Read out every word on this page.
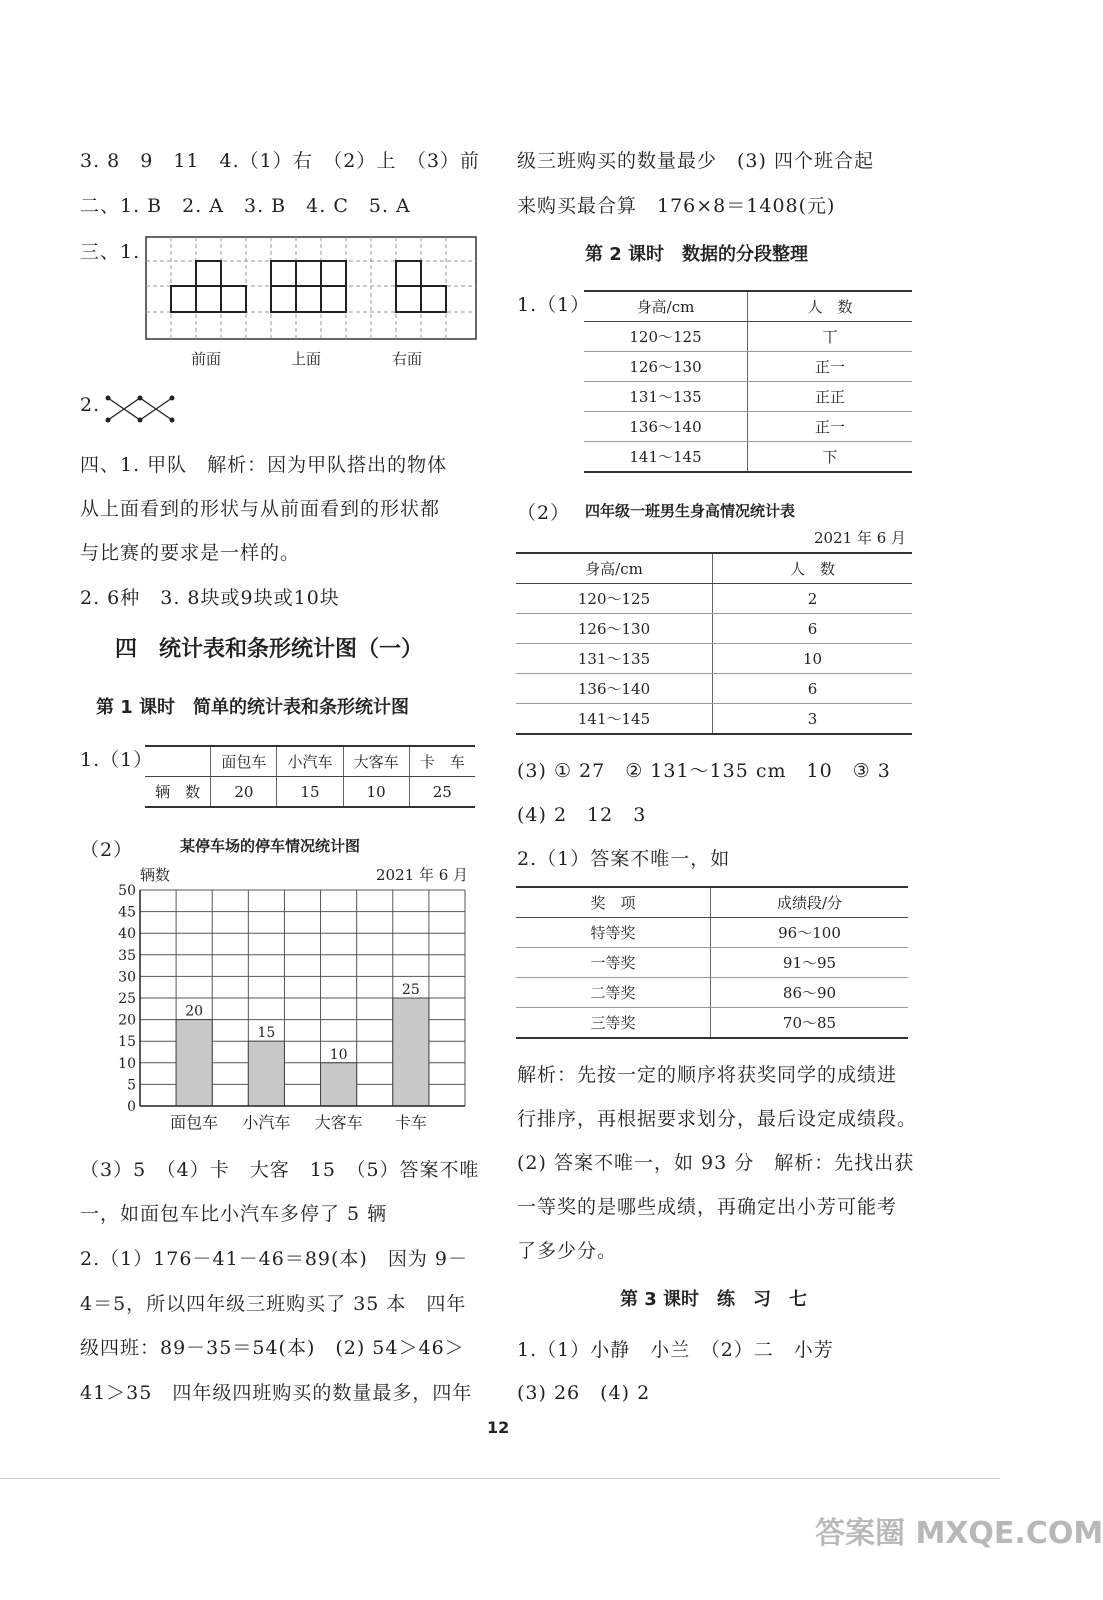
3. 8　9　11　4.（1）右　（2）上　（3）前
二、1. B　2. A　3. B　4. C　5. A
三、1.
前面	上面	右面
2.
四、1. 甲队　解析：因为甲队搭出的物体
从上面看到的形状与从前面看到的形状都
与比赛的要求是一样的。
2. 6种　3. 8块或9块或10块
四　统计表和条形统计图（一）
第 1 课时　简单的统计表和条形统计图
1.（1）
		面包车	小汽车	大客车	卡　车
辆　数	20	15	10	25
（2）	某停车场的停车情况统计图
辆数	2021 年 6 月
0
5
10
15
20
25
30
35
40
45
50
20
面包车
15
小汽车
10
大客车
25
卡车
（3）5　（4）卡　大客　15　（5）答案不唯
一，如面包车比小汽车多停了 5 辆
2.（1）176－41－46＝89(本)　因为 9－
4＝5，所以四年级三班购买了 35 本　四年
级四班：89－35＝54(本)　(2) 54＞46＞
41＞35　四年级四班购买的数量最多，四年
级三班购买的数量最少　(3) 四个班合起
来购买最合算　176×8＝1408(元)
第 2 课时　数据的分段整理
1.（1）	身高/cm	人　数
120～125	丅
126～130	正一
131～135	正正
136～140	正一
141～145	下
（2） 四年级一班男生身高情况统计表
2021 年 6 月
身高/cm	人　数
120～125	2
126～130	6
131～135	10
136～140	6
141～145	3
(3) ① 27　② 131～135 cm　10　③ 3
(4) 2　12　3
2.（1）答案不唯一，如
奖　项	成绩段/分
特等奖	96～100
一等奖	91～95
二等奖	86～90
三等奖	70～85
解析：先按一定的顺序将获奖同学的成绩进
行排序，再根据要求划分，最后设定成绩段。
(2) 答案不唯一，如 93 分　解析：先找出获
一等奖的是哪些成绩，再确定出小芳可能考
了多少分。
第 3 课时　练　习　七
1.（1）小静　小兰　（2）二　小芳
(3) 26　(4) 2
12
答案圈 MXQE.COM
